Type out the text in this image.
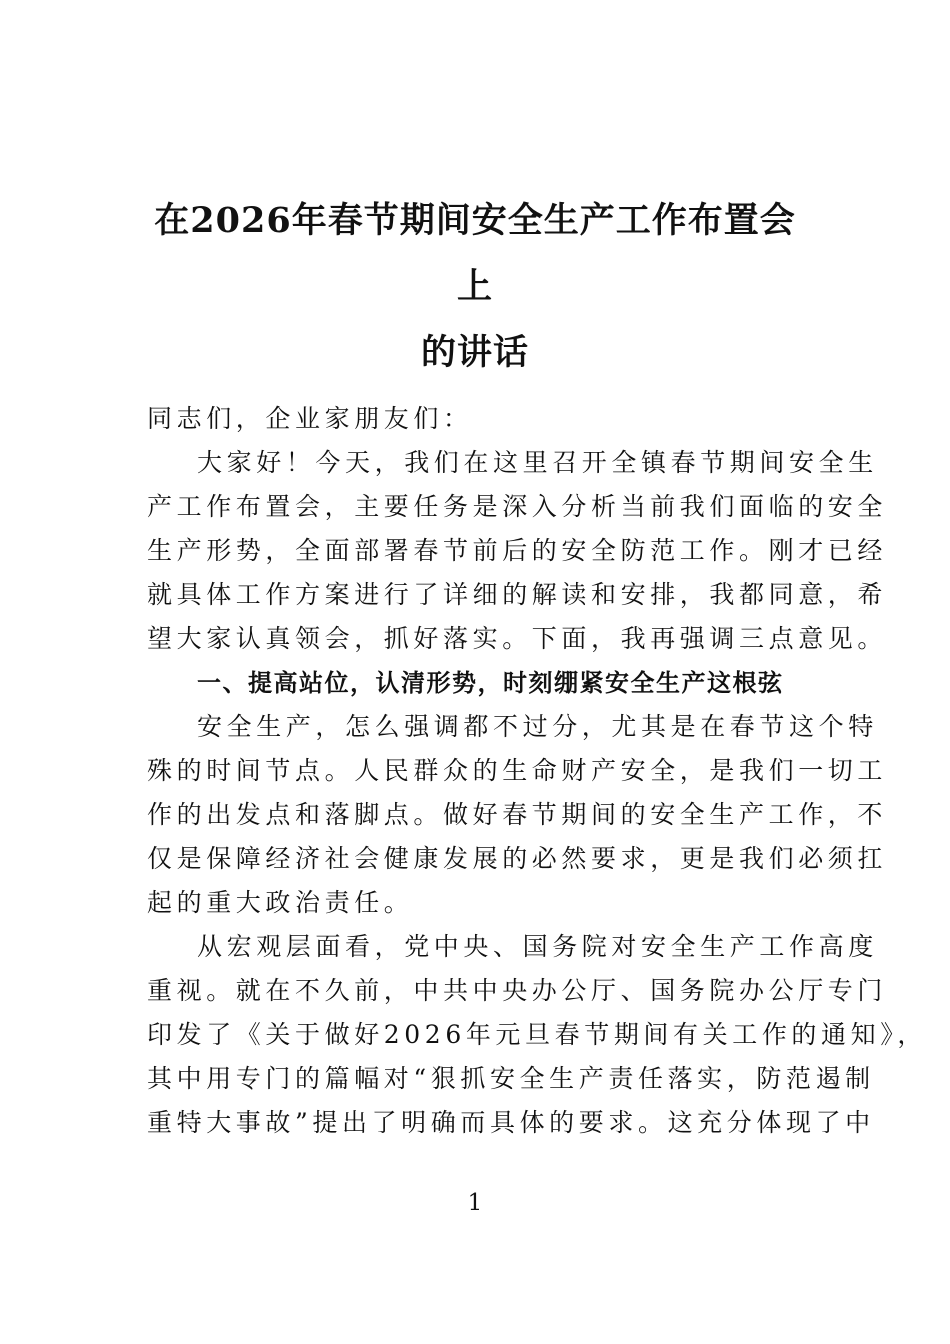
在2026年春节期间安全生产工作布置会上
的讲话
同志们，企业家朋友们：
大家好！今天，我们在这里召开全镇春节期间安全生
产工作布置会，主要任务是深入分析当前我们面临的安全
生产形势，全面部署春节前后的安全防范工作。刚才已经
就具体工作方案进行了详细的解读和安排，我都同意，希
望大家认真领会，抓好落实。下面，我再强调三点意见。
一、提高站位，认清形势，时刻绷紧安全生产这根弦
安全生产，怎么强调都不过分，尤其是在春节这个特
殊的时间节点。人民群众的生命财产安全，是我们一切工
作的出发点和落脚点。做好春节期间的安全生产工作，不
仅是保障经济社会健康发展的必然要求，更是我们必须扛
起的重大政治责任。
从宏观层面看，党中央、国务院对安全生产工作高度
重视。就在不久前，中共中央办公厅、国务院办公厅专门
印发了《关于做好2026年元旦春节期间有关工作的通知》，
其中用专门的篇幅对“狠抓安全生产责任落实，防范遏制
重特大事故”提出了明确而具体的要求。这充分体现了中
1
